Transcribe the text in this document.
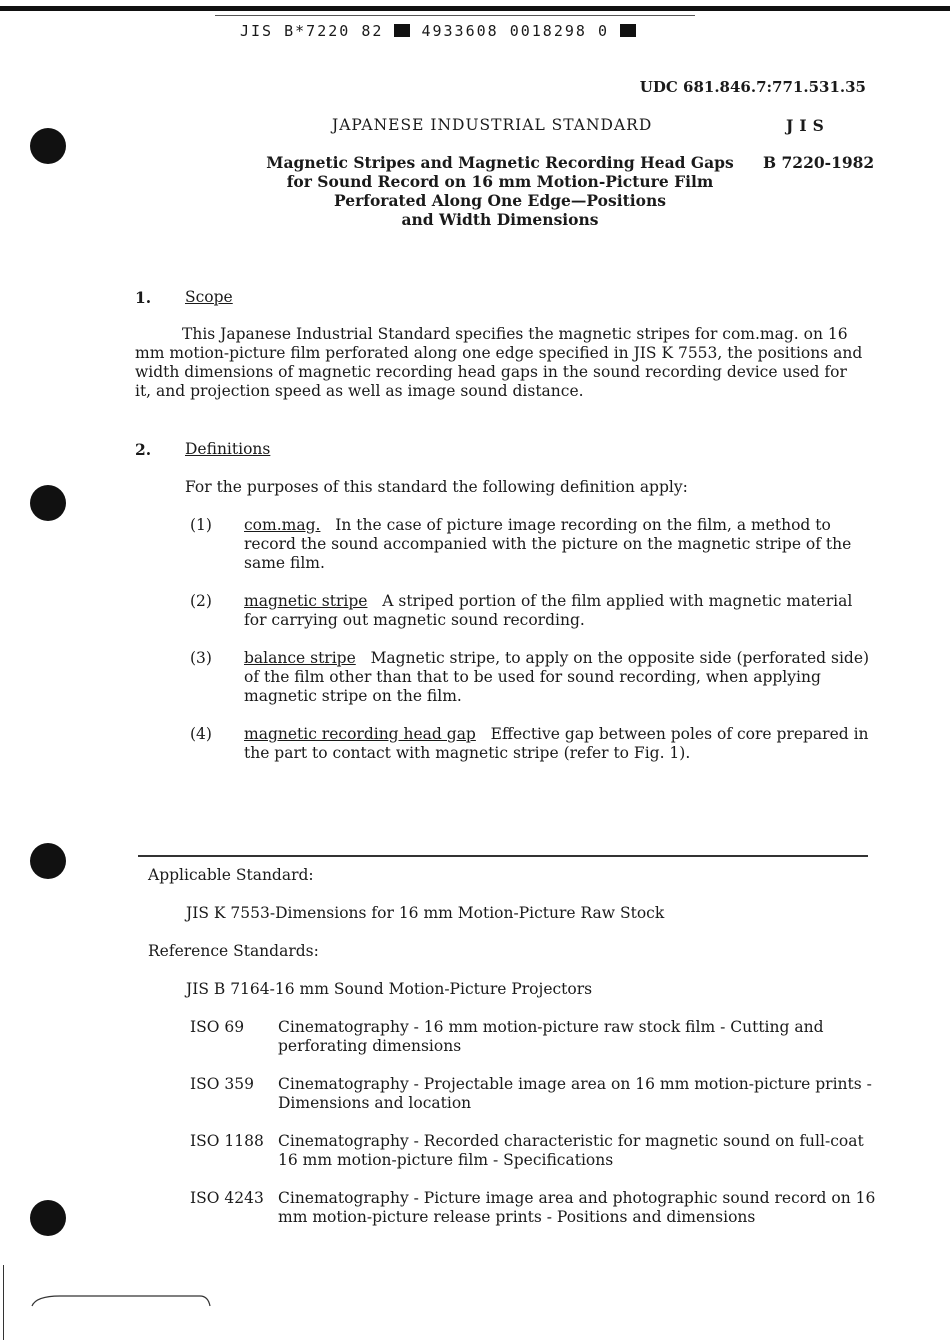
JIS B*7220 82	4933608 0018298 0
UDC 681.846.7:771.531.35
JAPANESE INDUSTRIAL STANDARD	JIS
Magnetic Stripes and Magnetic Recording Head Gaps
for Sound Record on 16 mm Motion-Picture Film
Perforated Along One Edge—Positions
and Width Dimensions
B 7220-1982
1. Scope

This Japanese Industrial Standard specifies the magnetic stripes for com.mag. on 16 mm motion-picture film perforated along one edge specified in JIS K 7553, the positions and width dimensions of magnetic recording head gaps in the sound recording device used for it, and projection speed as well as image sound distance.

2. Definitions
For the purposes of this standard the following definition apply:
(1) com.mag. In the case of picture image recording on the film, a method to record the sound accompanied with the picture on the magnetic stripe of the same film.
(2) magnetic stripe A striped portion of the film applied with magnetic material for carrying out magnetic sound recording.
(3) balance stripe Magnetic stripe, to apply on the opposite side (perforated side) of the film other than that to be used for sound recording, when applying magnetic stripe on the film.
(4) magnetic recording head gap Effective gap between poles of core prepared in the part to contact with magnetic stripe (refer to Fig. 1).
Applicable Standard:
JIS K 7553-Dimensions for 16 mm Motion-Picture Raw Stock
Reference Standards:
JIS B 7164-16 mm Sound Motion-Picture Projectors
ISO 69 Cinematography - 16 mm motion-picture raw stock film - Cutting and perforating dimensions
ISO 359 Cinematography - Projectable image area on 16 mm motion-picture prints - Dimensions and location
ISO 1188 Cinematography - Recorded characteristic for magnetic sound on full-coat 16 mm motion-picture film - Specifications
ISO 4243 Cinematography - Picture image area and photographic sound record on 16 mm motion-picture release prints - Positions and dimensions
